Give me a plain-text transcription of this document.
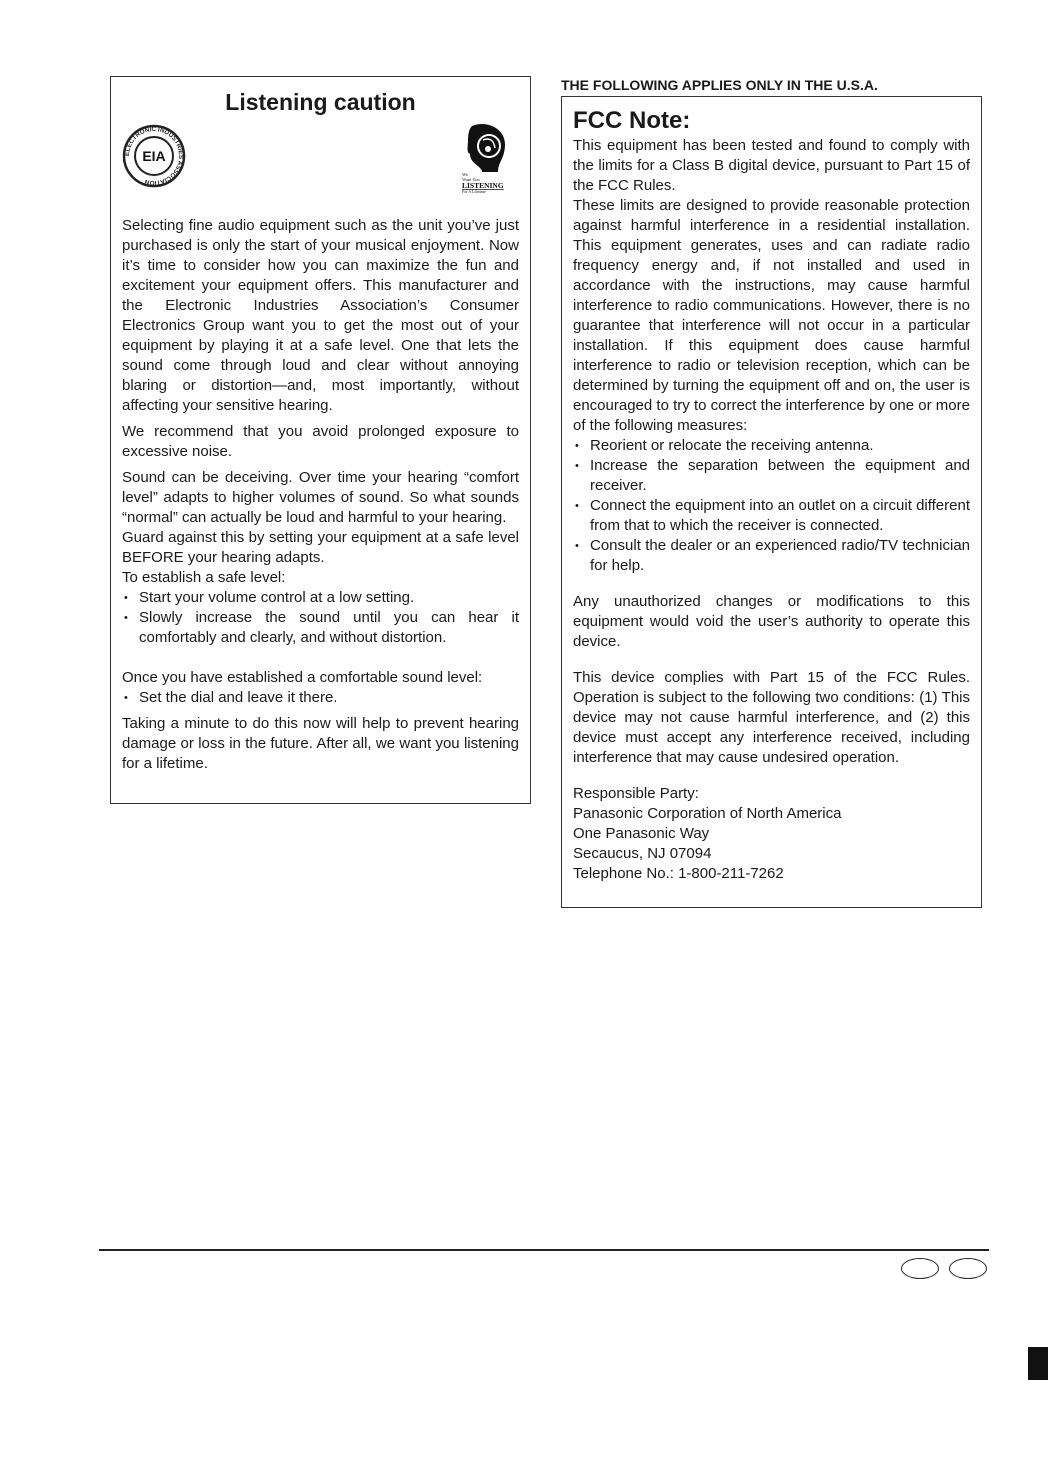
Listening caution
ELECTRONIC INDUSTRIES ASSOCIATION
EIA
We
Want You
LISTENING
For A Lifetime

Selecting fine audio equipment such as the unit you’ve just purchased is only the start of your musical enjoyment. Now it’s time to consider how you can maximize the fun and excitement your equipment offers. This manufacturer and the Electronic Industries Association’s Consumer Electronics Group want you to get the most out of your equipment by playing it at a safe level. One that lets the sound come through loud and clear without annoying blaring or distortion—and, most importantly, without affecting your sensitive hearing.

We recommend that you avoid prolonged exposure to excessive noise.

Sound can be deceiving. Over time your hearing “comfort level” adapts to higher volumes of sound. So what sounds “normal” can actually be loud and harmful to your hearing.

Guard against this by setting your equipment at a safe level BEFORE your hearing adapts.

To establish a safe level:

• Start your volume control at a low setting.
• Slowly increase the sound until you can hear it comfortably and clearly, and without distortion.

Once you have established a comfortable sound level:

• Set the dial and leave it there.

Taking a minute to do this now will help to prevent hearing damage or loss in the future. After all, we want you listening for a lifetime.

THE FOLLOWING APPLIES ONLY IN THE U.S.A.
FCC Note:

This equipment has been tested and found to comply with the limits for a Class B digital device, pursuant to Part 15 of the FCC Rules.

These limits are designed to provide reasonable protection against harmful interference in a residential installation. This equipment generates, uses and can radiate radio frequency energy and, if not installed and used in accordance with the instructions, may cause harmful interference to radio communications. However, there is no guarantee that interference will not occur in a particular installation. If this equipment does cause harmful interference to radio or television reception, which can be determined by turning the equipment off and on, the user is encouraged to try to correct the interference by one or more of the following measures:

• Reorient or relocate the receiving antenna.
• Increase the separation between the equipment and receiver.
• Connect the equipment into an outlet on a circuit different from that to which the receiver is connected.
• Consult the dealer or an experienced radio/TV technician for help.

Any unauthorized changes or modifications to this equipment would void the user’s authority to operate this device.

This device complies with Part 15 of the FCC Rules. Operation is subject to the following two conditions: (1) This device may not cause harmful interference, and (2) this device must accept any interference received, including interference that may cause undesired operation.

Responsible Party:

Panasonic Corporation of North America

One Panasonic Way

Secaucus, NJ 07094

Telephone No.: 1-800-211-7262
